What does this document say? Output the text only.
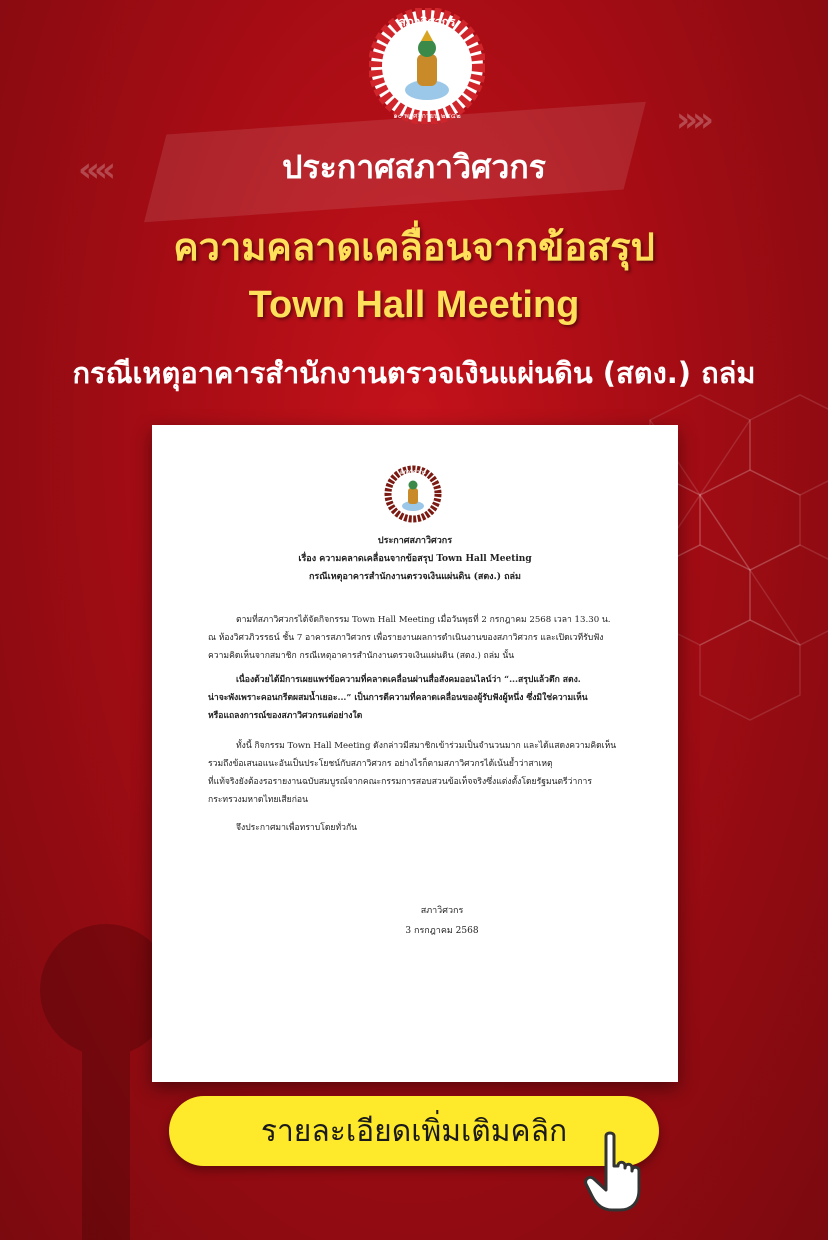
‹‹‹‹
››››
สภาวิศวกร
๑๐ พฤศจิกายน ๒๕๔๒
ประกาศสภาวิศวกร
ความคลาดเคลื่อนจากข้อสรุป
Town Hall Meeting
กรณีเหตุอาคารสำนักงานตรวจเงินแผ่นดิน (สตง.) ถล่ม
สภาวิศวกร
ประกาศสภาวิศวกร
เรื่อง ความคลาดเคลื่อนจากข้อสรุป Town Hall Meeting
กรณีเหตุอาคารสำนักงานตรวจเงินแผ่นดิน (สตง.) ถล่ม

ตามที่สภาวิศวกรได้จัดกิจกรรม Town Hall Meeting เมื่อวันพุธที่ 2 กรกฎาคม 2568 เวลา 13.30 น.

ณ ห้องวิศวภิวรรธน์ ชั้น 7 อาคารสภาวิศวกร เพื่อรายงานผลการดำเนินงานของสภาวิศวกร และเปิดเวทีรับฟัง

ความคิดเห็นจากสมาชิก กรณีเหตุอาคารสำนักงานตรวจเงินแผ่นดิน (สตง.) ถล่ม นั้น

เนื่องด้วยได้มีการเผยแพร่ข้อความที่คลาดเคลื่อนผ่านสื่อสังคมออนไลน์ว่า “...สรุปแล้วตึก สตง.

น่าจะพังเพราะคอนกรีตผสมน้ำเยอะ...” เป็นการตีความที่คลาดเคลื่อนของผู้รับฟังผู้หนึ่ง ซึ่งมิใช่ความเห็น

หรือแถลงการณ์ของสภาวิศวกรแต่อย่างใด

ทั้งนี้ กิจกรรม Town Hall Meeting ดังกล่าวมีสมาชิกเข้าร่วมเป็นจำนวนมาก และได้แสดงความคิดเห็น

รวมถึงข้อเสนอแนะอันเป็นประโยชน์กับสภาวิศวกร อย่างไรก็ตามสภาวิศวกรได้เน้นย้ำว่าสาเหตุ

ที่แท้จริงยังต้องรอรายงานฉบับสมบูรณ์จากคณะกรรมการสอบสวนข้อเท็จจริงซึ่งแต่งตั้งโดยรัฐมนตรีว่าการ

กระทรวงมหาดไทยเสียก่อน

จึงประกาศมาเพื่อทราบโดยทั่วกัน

สภาวิศวกร
3 กรกฎาคม 2568
รายละเอียดเพิ่มเติมคลิก
